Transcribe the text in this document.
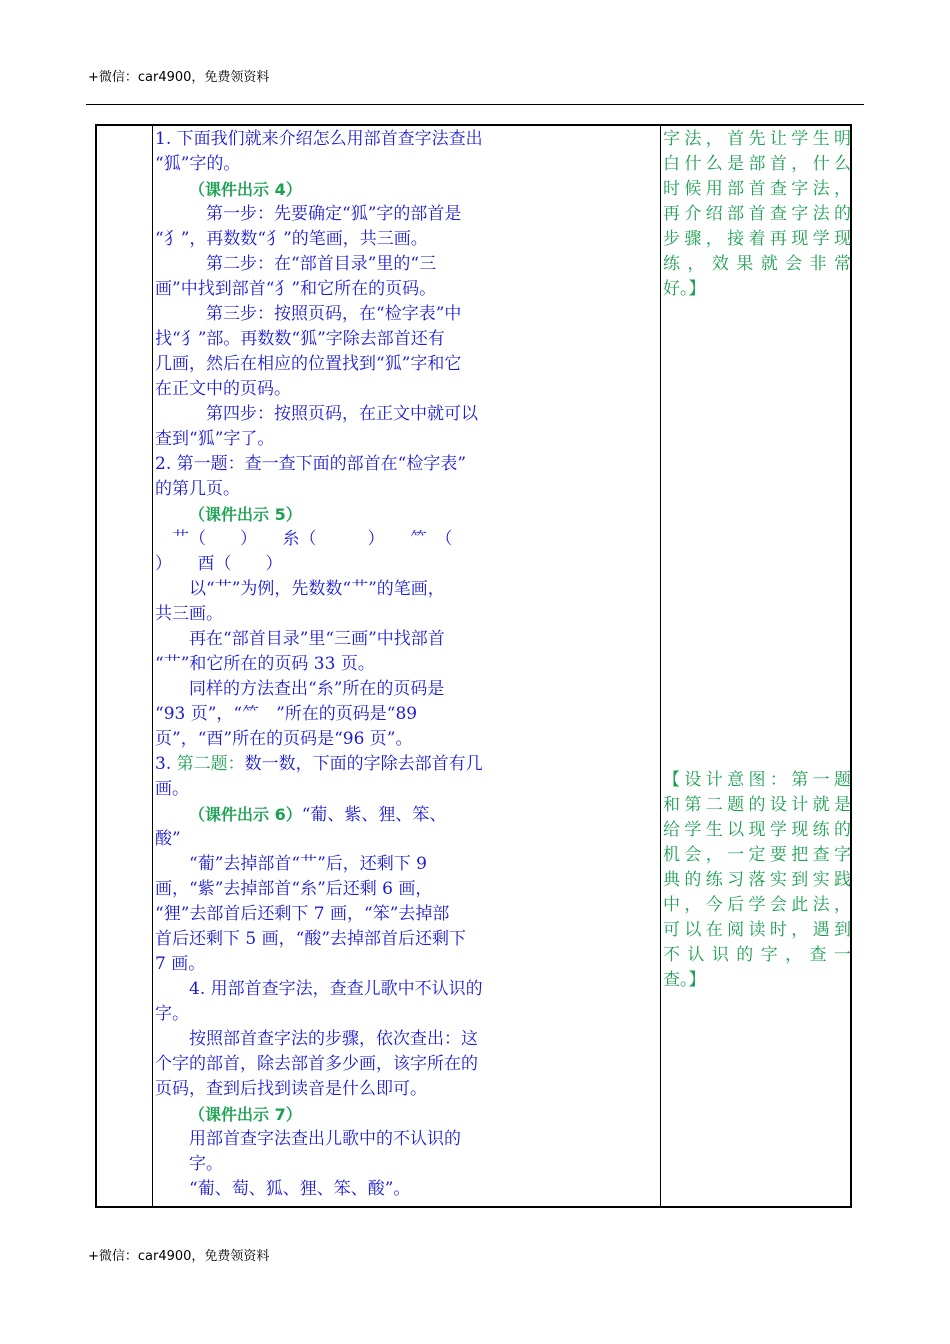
+微信：car4900，免费领资料
1. 下面我们就来介绍怎么用部首查字法查出
“狐”字的。
（课件出示 4）
第一步：先要确定“狐”字的部首是
“犭”，再数数“犭”的笔画，共三画。
第二步：在“部首目录”里的“三
画”中找到部首“犭”和它所在的页码。
第三步：按照页码，在“检字表”中
找“犭”部。再数数“狐”字除去部首还有
几画，然后在相应的位置找到“狐”字和它
在正文中的页码。
第四步：按照页码，在正文中就可以
查到“狐”字了。
2. 第一题：查一查下面的部首在“检字表”
的第几页。
（课件出示 5）
　艹（　　）　　糸（　　　）　　⺮　（
）　　酉（　　）
以“艹”为例，先数数“艹”的笔画，
共三画。
再在“部首目录”里“三画”中找部首
“艹”和它所在的页码 33 页。
同样的方法查出“糸”所在的页码是
“93 页”，“⺮　”所在的页码是“89
页”，“酉”所在的页码是“96 页”。
3. 第二题：数一数，下面的字除去部首有几
画。
（课件出示 6）“葡、紫、狸、笨、
酸”
“葡”去掉部首“艹”后，还剩下 9
画，“紫”去掉部首“糸”后还剩 6 画，
“狸”去部首后还剩下 7 画，“笨”去掉部
首后还剩下 5 画，“酸”去掉部首后还剩下
7 画。
4. 用部首查字法，查查儿歌中不认识的
字。
按照部首查字法的步骤，依次查出：这
个字的部首，除去部首多少画，该字所在的
页码，查到后找到读音是什么即可。
（课件出示 7）
用部首查字法查出儿歌中的不认识的
字。
“葡、萄、狐、狸、笨、酸”。
字 法 ， 首 先 让 学 生 明
白 什 么 是 部 首 ， 什 么
时 候 用 部 首 查 字 法 ，
再 介 绍 部 首 查 字 法 的
步 骤 ， 接 着 再 现 学 现
练 ， 效 果 就 会 非 常
好。】
【 设 计 意 图 ： 第 一 题
和 第 二 题 的 设 计 就 是
给 学 生 以 现 学 现 练 的
机 会 ， 一 定 要 把 查 字
典 的 练 习 落 实 到 实 践
中 ， 今 后 学 会 此 法 ，
可 以 在 阅 读 时 ， 遇 到
不 认 识 的 字 ， 查 一
查。】
+微信：car4900，免费领资料
